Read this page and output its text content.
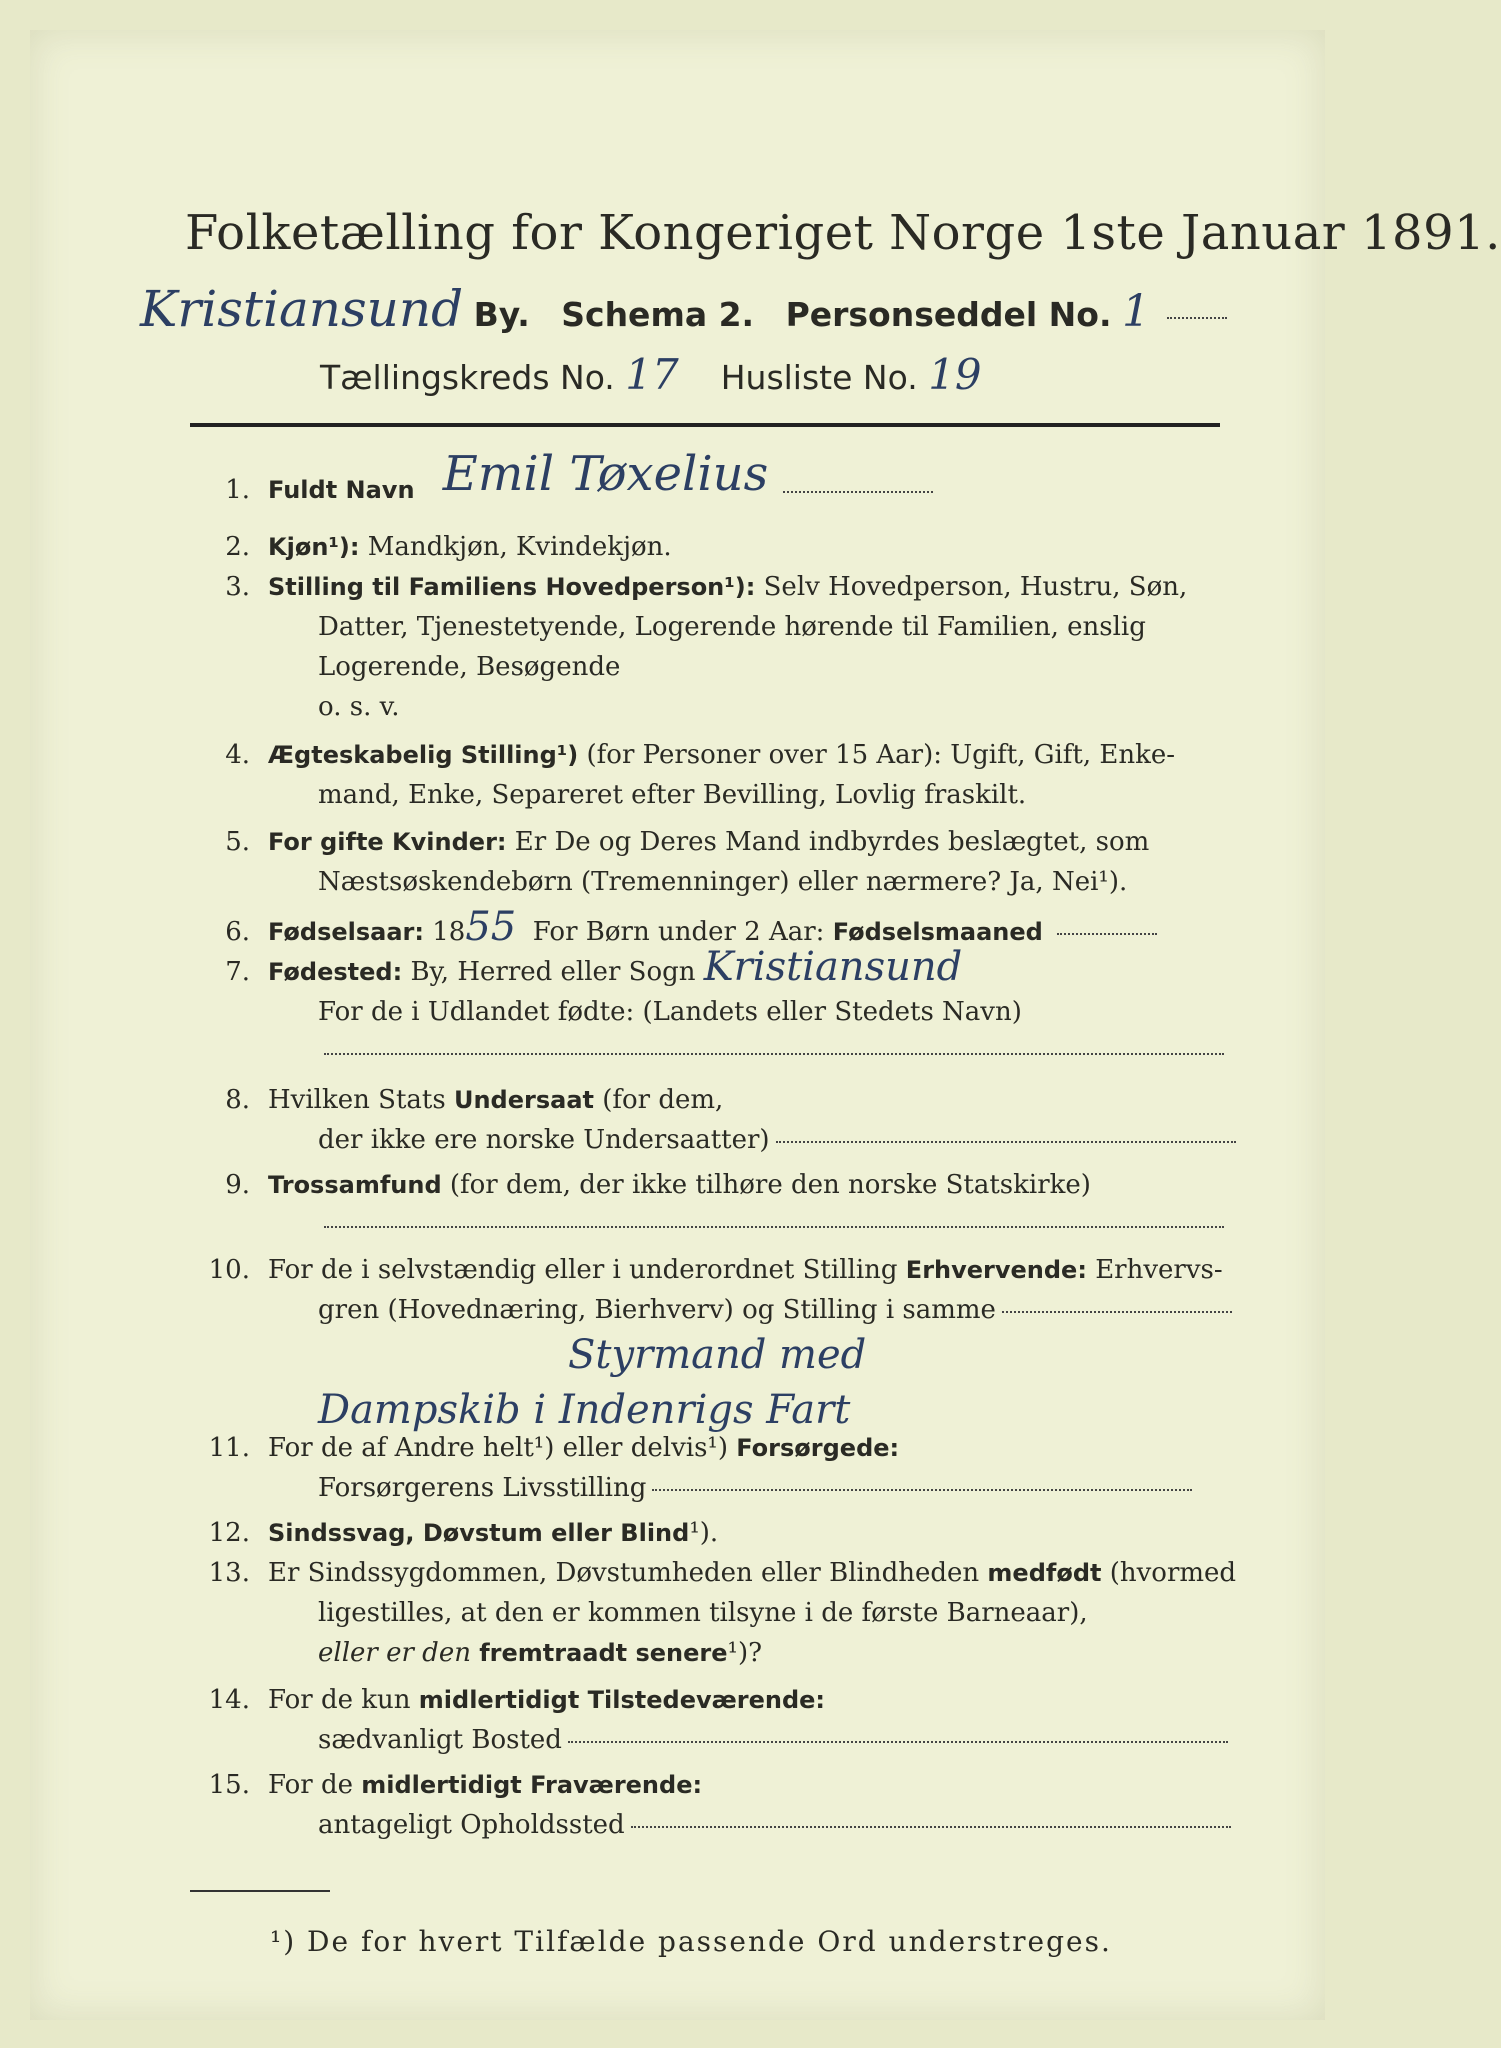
Folketælling for Kongeriget Norge 1ste Januar 1891.
Kristiansund By. Schema 2. Personseddel No. 1
Tællingskreds No. 17 Husliste No. 19
1. Fuldt Navn Emil Tøxelius
2. Kjøn¹): Mandkjøn, Kvindekjøn.
3. Stilling til Familiens Hovedperson¹): Selv Hovedperson, Hustru, Søn,
Datter, Tjenestetyende, Logerende hørende til Familien, enslig
Logerende, Besøgende
o. s. v.
4. Ægteskabelig Stilling¹) (for Personer over 15 Aar): Ugift, Gift, Enke-
mand, Enke, Separeret efter Bevilling, Lovlig fraskilt.
5. For gifte Kvinder: Er De og Deres Mand indbyrdes beslægtet, som
Næstsøskendebørn (Tremenninger) eller nærmere? Ja, Nei¹).
6. Fødselsaar: 1855 For Børn under 2 Aar: Fødselsmaaned
7. Fødested: By, Herred eller Sogn Kristiansund
For de i Udlandet fødte: (Landets eller Stedets Navn)
8. Hvilken Stats Undersaat (for dem,
der ikke ere norske Undersaatter)
9. Trossamfund (for dem, der ikke tilhøre den norske Statskirke)
10. For de i selvstændig eller i underordnet Stilling Erhvervende: Erhvervs-
gren (Hovednæring, Bierhverv) og Stilling i samme
Styrmand med
Dampskib i Indenrigs Fart
11. For de af Andre helt¹) eller delvis¹) Forsørgede:
Forsørgerens Livsstilling
12. Sindssvag, Døvstum eller Blind¹).
13. Er Sindssygdommen, Døvstumheden eller Blindheden medfødt (hvormed
ligestilles, at den er kommen tilsyne i de første Barneaar),
eller er den fremtraadt senere¹)?
14. For de kun midlertidigt Tilstedeværende:
sædvanligt Bosted
15. For de midlertidigt Fraværende:
antageligt Opholdssted
¹) De for hvert Tilfælde passende Ord understreges.
